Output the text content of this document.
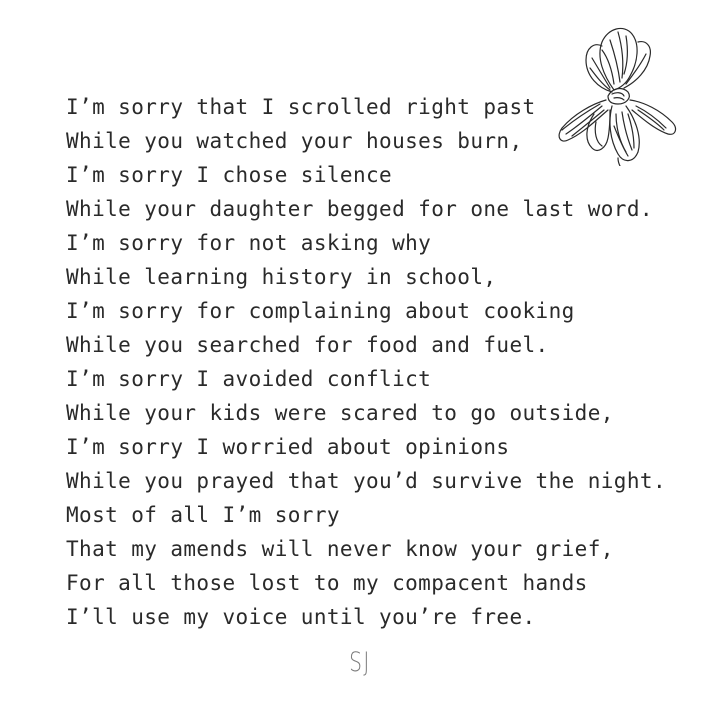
I’m sorry that I scrolled right past
While you watched your houses burn,
I’m sorry I chose silence
While your daughter begged for one last word.
I’m sorry for not asking why
While learning history in school,
I’m sorry for complaining about cooking
While you searched for food and fuel.
I’m sorry I avoided conflict
While your kids were scared to go outside,
I’m sorry I worried about opinions
While you prayed that you’d survive the night.
Most of all I’m sorry
That my amends will never know your grief,
For all those lost to my compacent hands
I’ll use my voice until you’re free.
SJ
